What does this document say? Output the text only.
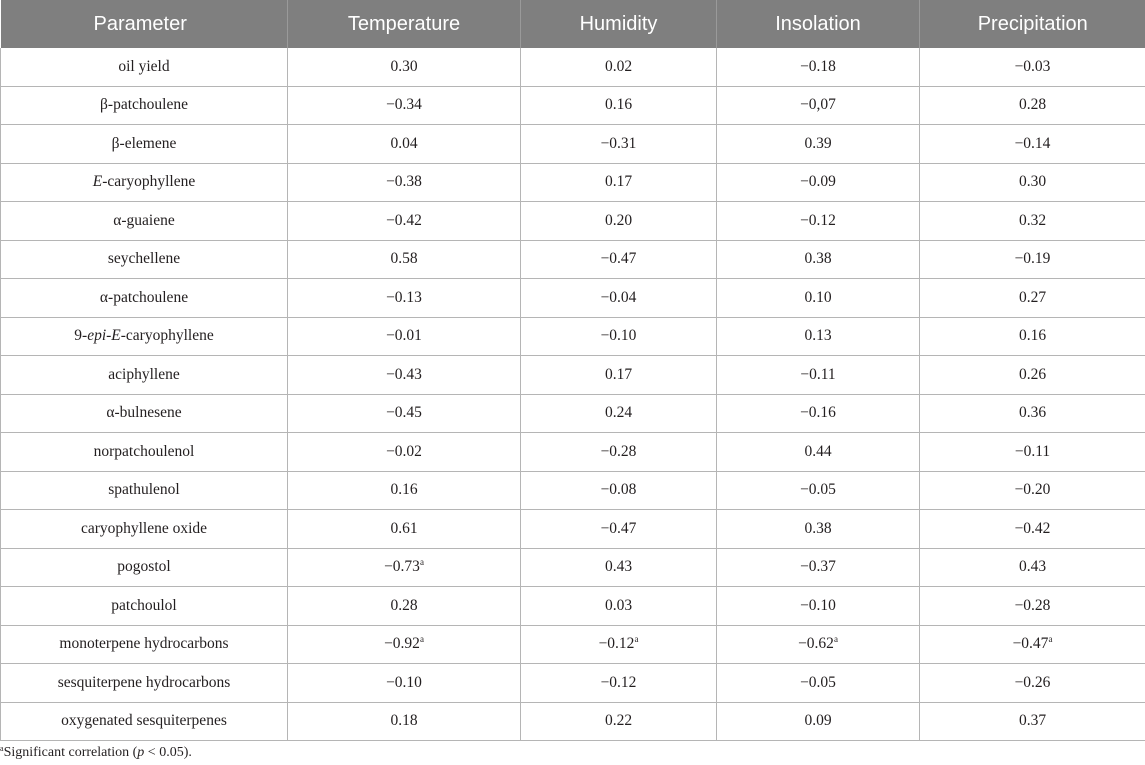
Parameter	Temperature	Humidity	Insolation	Precipitation
oil yield	0.30	0.02	−0.18	−0.03
β-patchoulene	−0.34	0.16	−0,07	0.28
β-elemene	0.04	−0.31	0.39	−0.14
E-caryophyllene	−0.38	0.17	−0.09	0.30
α-guaiene	−0.42	0.20	−0.12	0.32
seychellene	0.58	−0.47	0.38	−0.19
α-patchoulene	−0.13	−0.04	0.10	0.27
9-epi-E-caryophyllene	−0.01	−0.10	0.13	0.16
aciphyllene	−0.43	0.17	−0.11	0.26
α-bulnesene	−0.45	0.24	−0.16	0.36
norpatchoulenol	−0.02	−0.28	0.44	−0.11
spathulenol	0.16	−0.08	−0.05	−0.20
caryophyllene oxide	0.61	−0.47	0.38	−0.42
pogostol	−0.73$^a$	0.43	−0.37	0.43
patchoulol	0.28	0.03	−0.10	−0.28
monoterpene hydrocarbons	−0.92$^a$	−0.12$^a$	−0.62$^a$	−0.47$^a$
sesquiterpene hydrocarbons	−0.10	−0.12	−0.05	−0.26
oxygenated sesquiterpenes	0.18	0.22	0.09	0.37
$^a$Significant correlation (p < 0.05).
